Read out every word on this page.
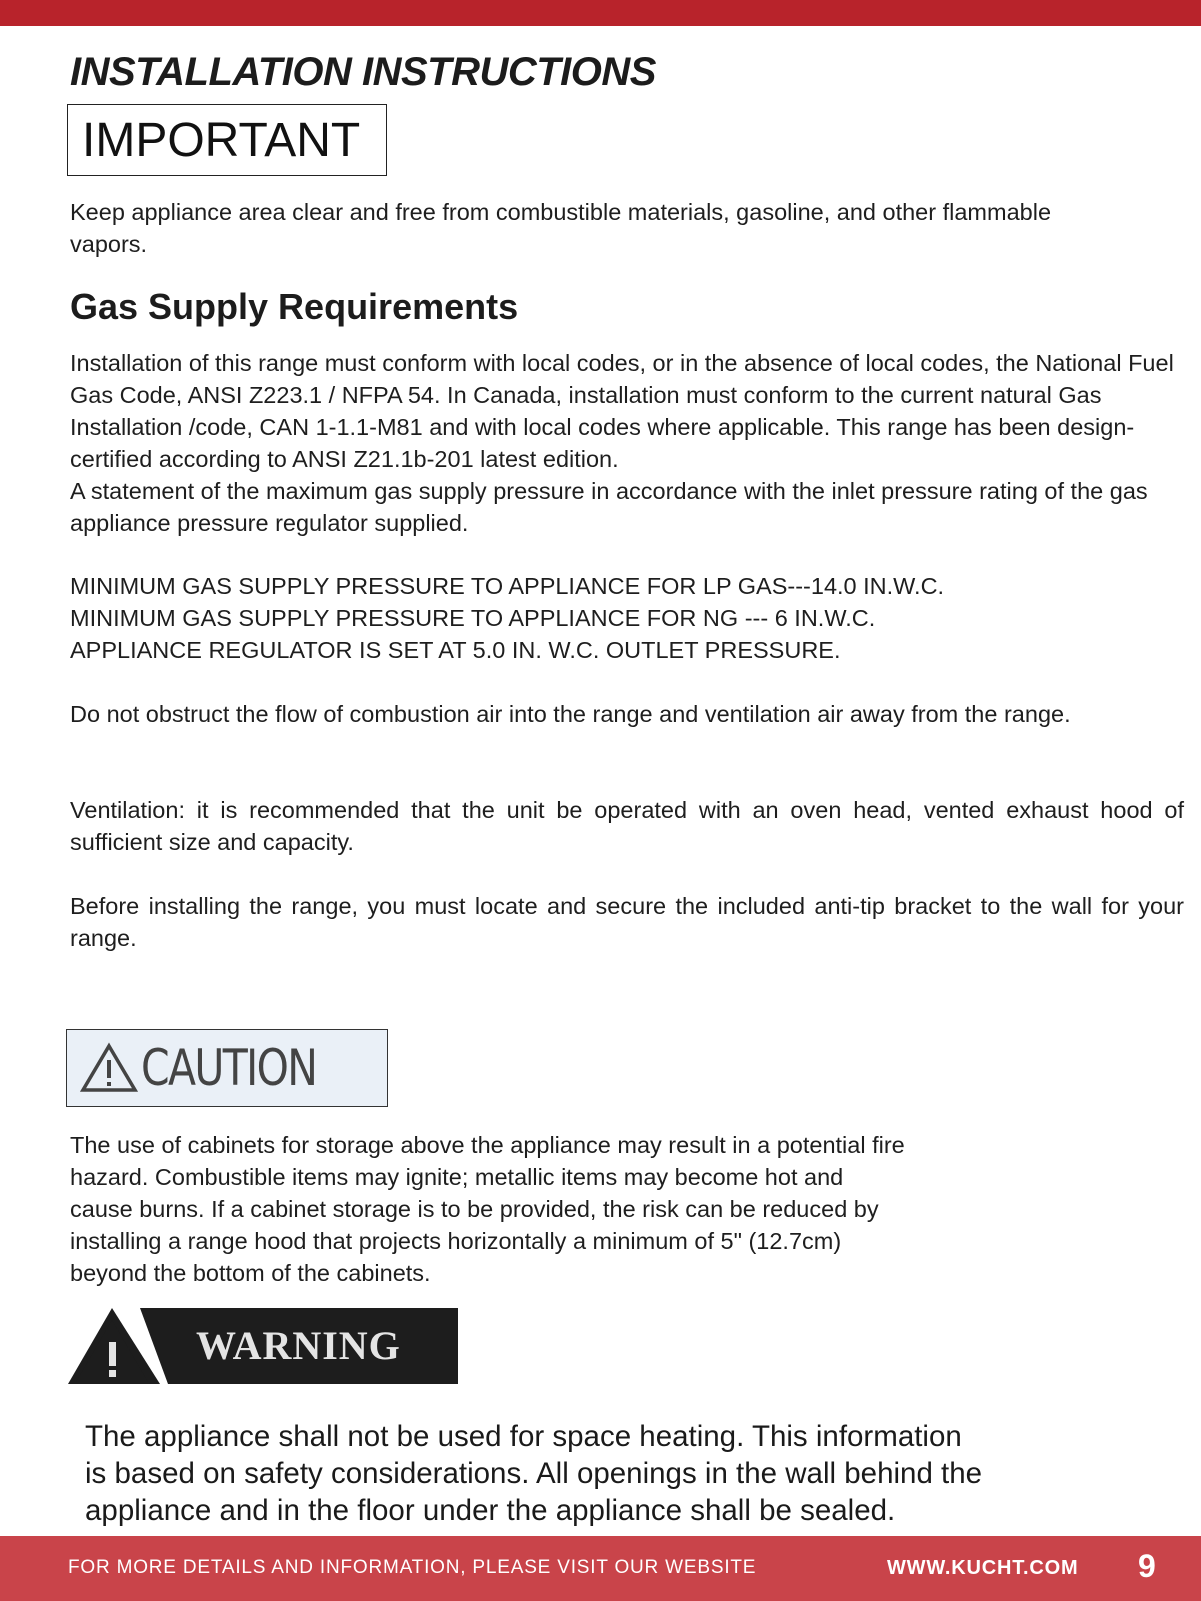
INSTALLATION INSTRUCTIONS
IMPORTANT

Keep appliance area clear and free from combustible materials, gasoline, and other flammable vapors.

Gas Supply Requirements
Installation of this range must conform with local codes, or in the absence of local codes, the National Fuel Gas Code, ANSI Z223.1 / NFPA 54. In Canada, installation must conform to the current natural Gas Installation /code, CAN 1-1.1-M81 and with local codes where applicable. This range has been design-certified according to ANSI Z21.1b-201 latest edition.
A statement of the maximum gas supply pressure in accordance with the inlet pressure rating of the gas appliance pressure regulator supplied.
MINIMUM GAS SUPPLY PRESSURE TO APPLIANCE FOR LP GAS---14.0 IN.W.C.
MINIMUM GAS SUPPLY PRESSURE TO APPLIANCE FOR NG --- 6 IN.W.C.
APPLIANCE REGULATOR IS SET AT 5.0 IN. W.C. OUTLET PRESSURE.

Do not obstruct the flow of combustion air into the range and ventilation air away from the range.

Ventilation: it is recommended that the unit be operated with an oven head, vented exhaust hood of sufficient size and capacity.

Before installing the range, you must locate and secure the included anti-tip bracket to the wall for your range.

CAUTION
The use of cabinets for storage above the appliance may result in a potential fire
hazard. Combustible items may ignite; metallic items may become hot and
cause burns. If a cabinet storage is to be provided, the risk can be reduced by
installing a range hood that projects horizontally a minimum of 5" (12.7cm)
beyond the bottom of the cabinets.
WARNING
The appliance shall not be used for space heating. This information
is based on safety considerations. All openings in the wall behind the
appliance and in the floor under the appliance shall be sealed.
FOR MORE DETAILS AND INFORMATION, PLEASE VISIT OUR WEBSITE	WWW.KUCHT.COM 9
